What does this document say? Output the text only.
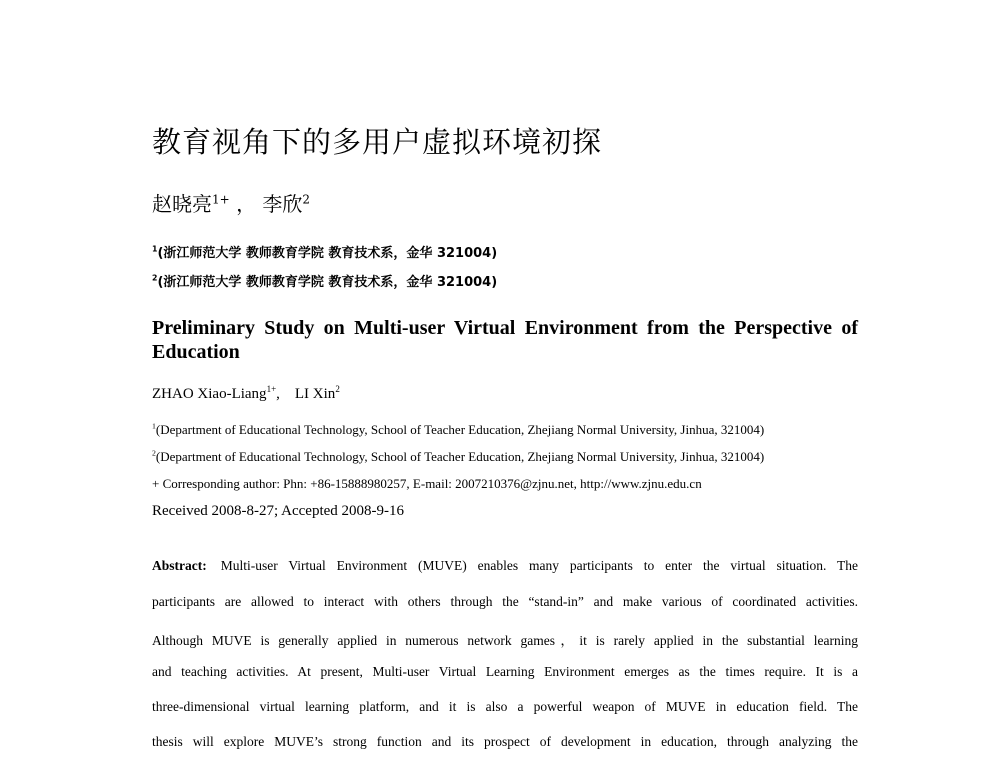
教育视角下的多用户虚拟环境初探
赵晓亮$^{1+}$ ， 李欣$^2$
$^1$(浙江师范大学 教师教育学院 教育技术系，金华 321004)
$^2$(浙江师范大学 教师教育学院 教育技术系，金华 321004)
Preliminary Study on Multi-user Virtual Environment from the Perspective of Education
ZHAO Xiao-Liang$^{1+}$,    LI Xin$^2$
$^1$(Department of Educational Technology, School of Teacher Education, Zhejiang Normal University, Jinhua, 321004)
$^2$(Department of Educational Technology, School of Teacher Education, Zhejiang Normal University, Jinhua, 321004)
+ Corresponding author: Phn: +86-15888980257, E-mail: 2007210376@zjnu.net, http://www.zjnu.edu.cn
Received 2008-8-27; Accepted 2008-9-16
Abstract: Multi-user Virtual Environment (MUVE) enables many participants to enter the virtual situation. The
participants are allowed to interact with others through the “stand-in” and make various of coordinated activities.
Although MUVE is generally applied in numerous network games，it is rarely applied in the substantial learning
and teaching activities. At present, Multi-user Virtual Learning Environment emerges as the times require. It is a
three-dimensional virtual learning platform, and it is also a powerful weapon of MUVE in education field. The
thesis will explore MUVE’s strong function and its prospect of development in education, through analyzing the
